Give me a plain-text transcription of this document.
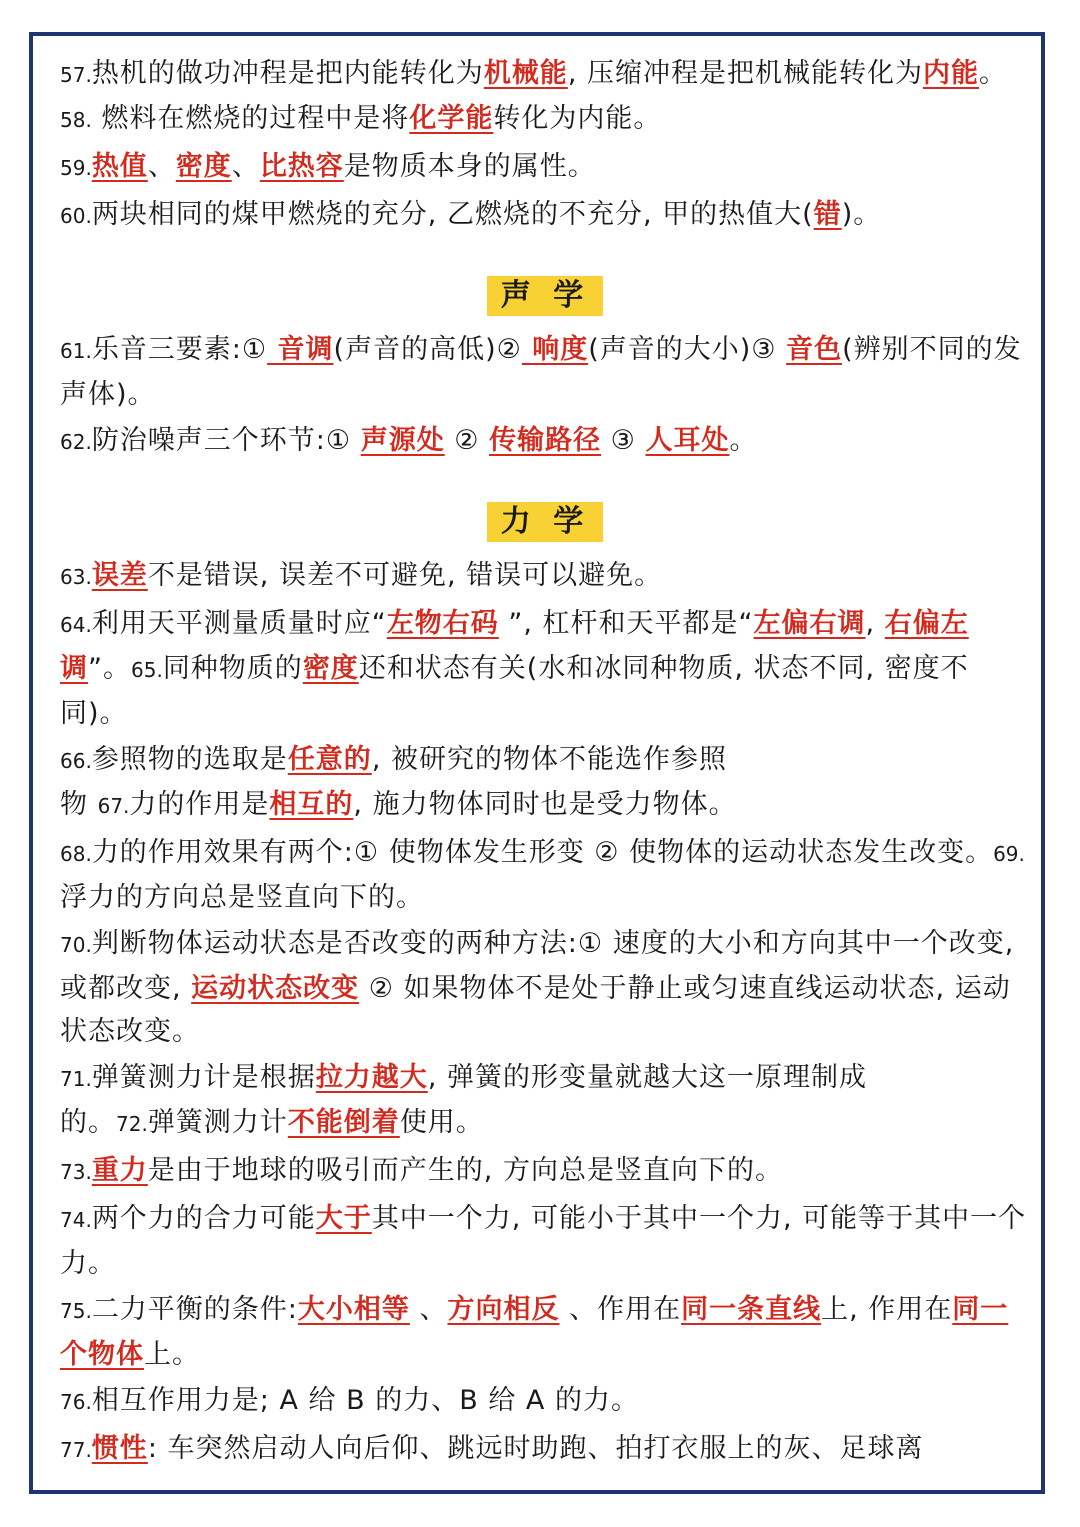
57.热机的做功冲程是把内能转化为机械能, 压缩冲程是把机械能转化为内能。58. 燃料在燃烧的过程中是将化学能转化为内能。

59.热值、密度、比热容是物质本身的属性。

60.两块相同的煤甲燃烧的充分, 乙燃烧的不充分, 甲的热值大(错)。

声 学

61.乐音三要素:① 音调(声音的高低)② 响度(声音的大小)③ 音色(辨别不同的发声体)。

62.防治噪声三个环节:① 声源处 ② 传输路径 ③ 人耳处。

力 学

63.误差不是错误, 误差不可避免, 错误可以避免。

64.利用天平测量质量时应“左物右码 ”, 杠杆和天平都是“左偏右调, 右偏左调”。65.同种物质的密度还和状态有关(水和冰同种物质, 状态不同, 密度不同)。

66.参照物的选取是任意的, 被研究的物体不能选作参照物 67.力的作用是相互的, 施力物体同时也是受力物体。

68.力的作用效果有两个:① 使物体发生形变 ② 使物体的运动状态发生改变。69. 浮力的方向总是竖直向下的。

70.判断物体运动状态是否改变的两种方法:① 速度的大小和方向其中一个改变, 或都改变, 运动状态改变 ② 如果物体不是处于静止或匀速直线运动状态, 运动状态改变。

71.弹簧测力计是根据拉力越大, 弹簧的形变量就越大这一原理制成的。72.弹簧测力计不能倒着使用。

73.重力是由于地球的吸引而产生的, 方向总是竖直向下的。

74.两个力的合力可能大于其中一个力, 可能小于其中一个力, 可能等于其中一个 力。

75.二力平衡的条件:大小相等 、方向相反 、作用在同一条直线上, 作用在同一个物体上。

76.相互作用力是; A 给 B 的力、B 给 A 的力。

77.惯性: 车突然启动人向后仰、跳远时助跑、拍打衣服上的灰、足球离
